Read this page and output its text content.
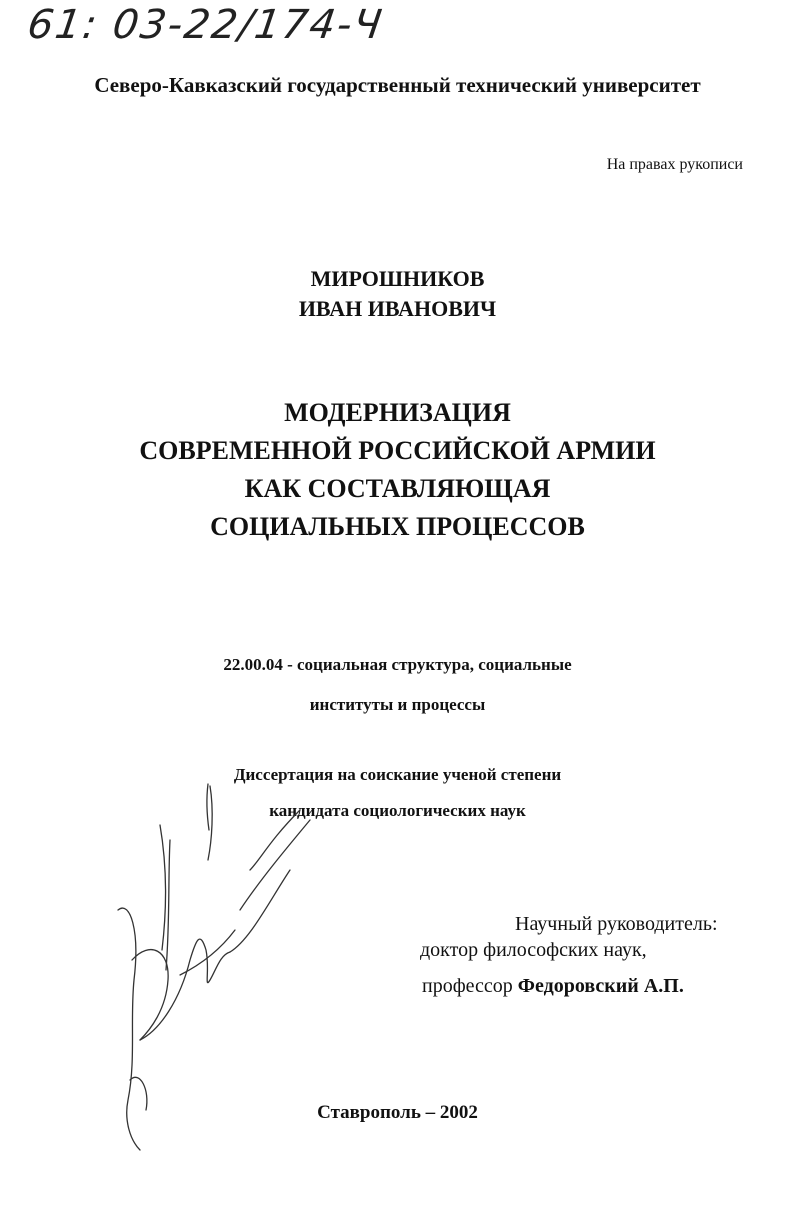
61: 03-22/174-Ч
Северо-Кавказский государственный технический университет
На правах рукописи
МИРОШНИКОВ
ИВАН ИВАНОВИЧ
МОДЕРНИЗАЦИЯ
СОВРЕМЕННОЙ РОССИЙСКОЙ АРМИИ
КАК СОСТАВЛЯЮЩАЯ
СОЦИАЛЬНЫХ ПРОЦЕССОВ
22.00.04 - социальная структура, социальные
институты и процессы
Диссертация на соискание ученой степени
кандидата социологических наук
Научный руководитель:
доктор философских наук,
профессор Федоровский А.П.
Ставрополь – 2002
